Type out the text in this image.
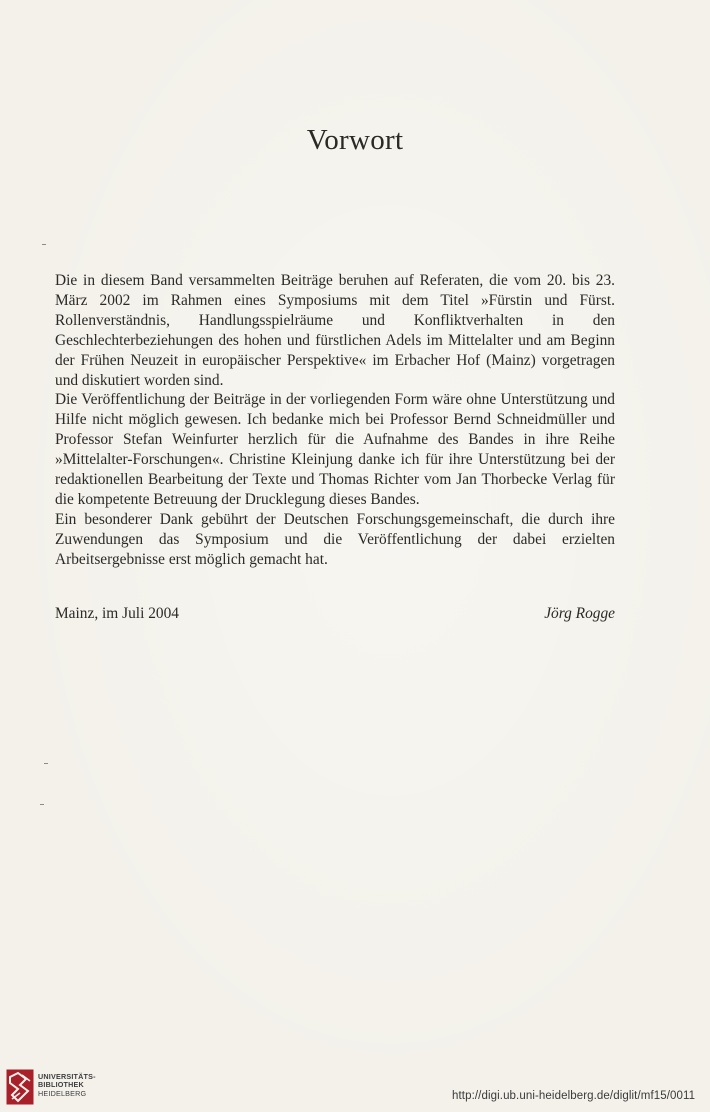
Vorwort

Die in diesem Band versammelten Beiträge beruhen auf Referaten, die vom 20. bis 23. März 2002 im Rahmen eines Symposiums mit dem Titel »Fürstin und Fürst. Rollenverständnis, Handlungsspielräume und Konfliktverhalten in den Geschlechterbeziehungen des hohen und fürstlichen Adels im Mittelalter und am Beginn der Frühen Neuzeit in europäischer Perspektive« im Erbacher Hof (Mainz) vorgetragen und diskutiert worden sind.

Die Veröffentlichung der Beiträge in der vorliegenden Form wäre ohne Unterstützung und Hilfe nicht möglich gewesen. Ich bedanke mich bei Professor Bernd Schneidmüller und Professor Stefan Weinfurter herzlich für die Aufnahme des Bandes in ihre Reihe »Mittelalter-Forschungen«. Christine Kleinjung danke ich für ihre Unterstützung bei der redaktionellen Bearbeitung der Texte und Thomas Richter vom Jan Thorbecke Verlag für die kompetente Betreuung der Drucklegung dieses Bandes.

Ein besonderer Dank gebührt der Deutschen Forschungsgemeinschaft, die durch ihre Zuwendungen das Symposium und die Veröffentlichung der dabei erzielten Arbeitsergebnisse erst möglich gemacht hat.

Mainz, im Juli 2004	Jörg Rogge
UNIVERSITÄTS-
BIBLIOTHEK
HEIDELBERG	http://digi.ub.uni-heidelberg.de/diglit/mf15/0011
